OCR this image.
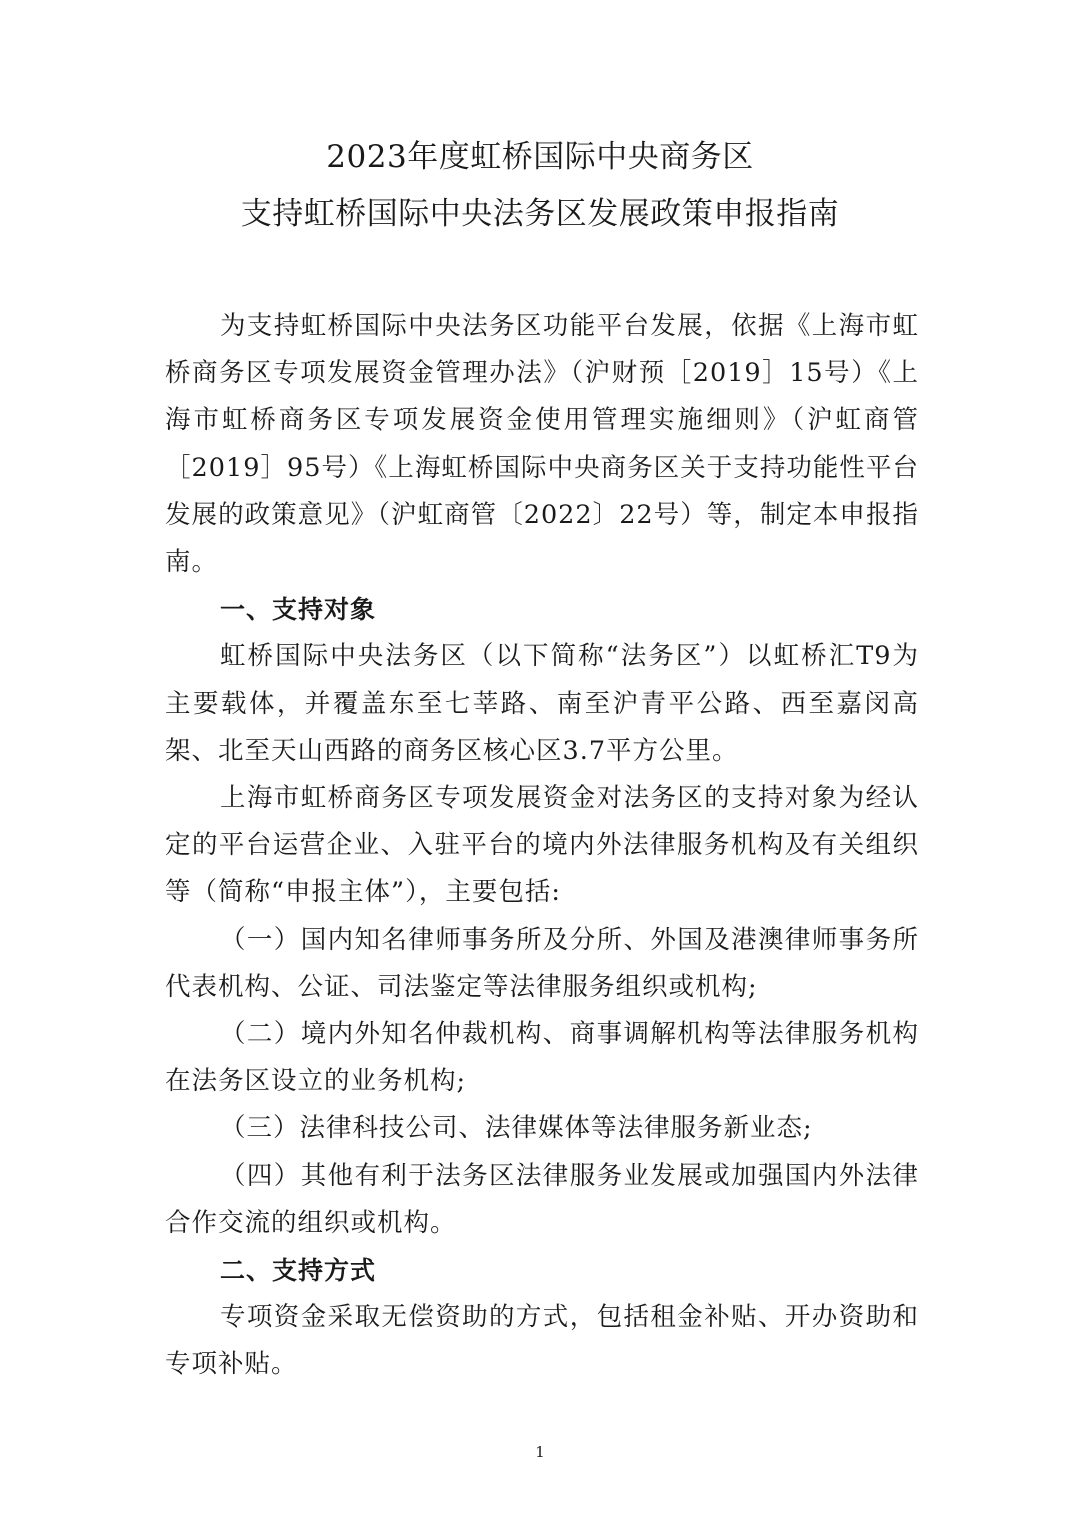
2023年度虹桥国际中央商务区
支持虹桥国际中央法务区发展政策申报指南

为支持虹桥国际中央法务区功能平台发展，依据《上海市虹桥商务区专项发展资金管理办法》（沪财预［2019］15号）《上海市虹桥商务区专项发展资金使用管理实施细则》（沪虹商管［2019］95号）《上海虹桥国际中央商务区关于支持功能性平台发展的政策意见》（沪虹商管〔2022〕22号）等，制定本申报指南。

一、支持对象

虹桥国际中央法务区（以下简称“法务区”）以虹桥汇T9为主要载体，并覆盖东至七莘路、南至沪青平公路、西至嘉闵高架、北至天山西路的商务区核心区3.7平方公里。

上海市虹桥商务区专项发展资金对法务区的支持对象为经认定的平台运营企业、入驻平台的境内外法律服务机构及有关组织等（简称“申报主体”），主要包括:

（一）国内知名律师事务所及分所、外国及港澳律师事务所代表机构、公证、司法鉴定等法律服务组织或机构;

（二）境内外知名仲裁机构、商事调解机构等法律服务机构在法务区设立的业务机构;

（三）法律科技公司、法律媒体等法律服务新业态;

（四）其他有利于法务区法律服务业发展或加强国内外法律合作交流的组织或机构。

二、支持方式

专项资金采取无偿资助的方式，包括租金补贴、开办资助和专项补贴。

1
